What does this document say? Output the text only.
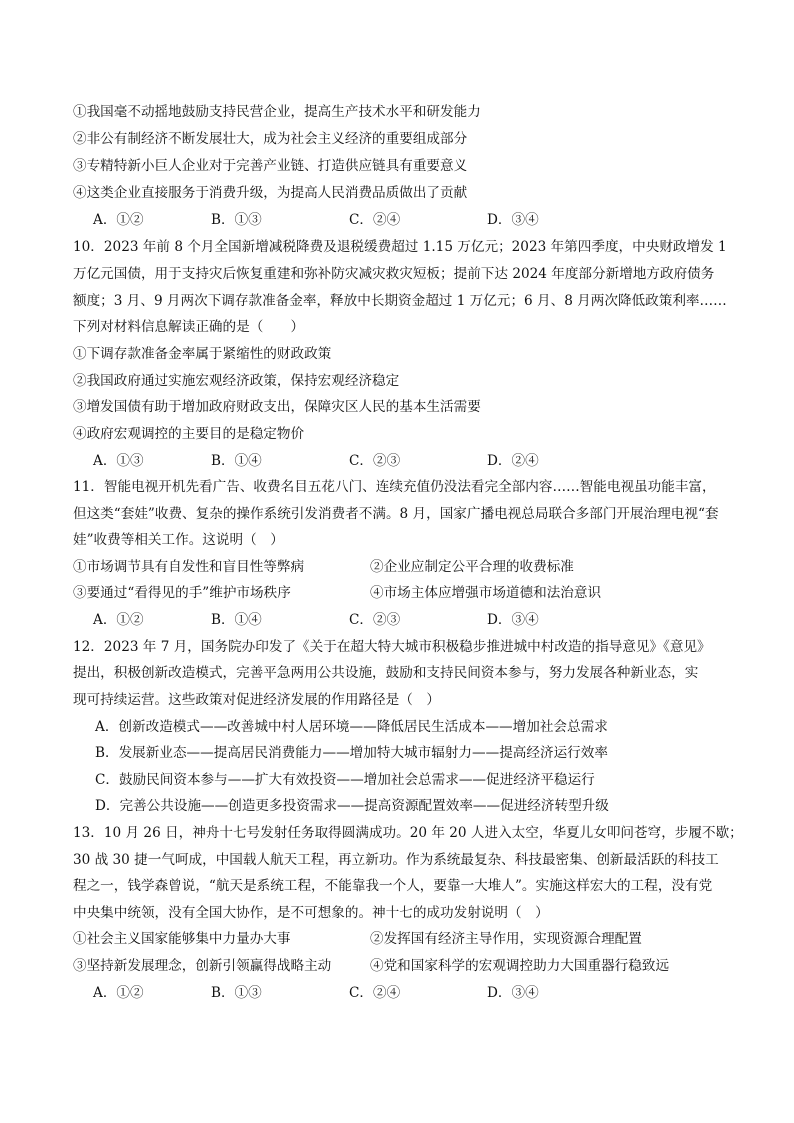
①我国毫不动摇地鼓励支持民营企业，提高生产技术水平和研发能力
②非公有制经济不断发展壮大，成为社会主义经济的重要组成部分
③专精特新小巨人企业对于完善产业链、打造供应链具有重要意义
④这类企业直接服务于消费升级，为提高人民消费品质做出了贡献
A．①②	B．①③	C．②④	D．③④
10．2023 年前 8 个月全国新增减税降费及退税缓费超过 1.15 万亿元；2023 年第四季度，中央财政增发 1
万亿元国债，用于支持灾后恢复重建和弥补防灾减灾救灾短板；提前下达 2024 年度部分新增地方政府债务
额度；3 月、9 月两次下调存款准备金率，释放中长期资金超过 1 万亿元；6 月、8 月两次降低政策利率……
下列对材料信息解读正确的是（　　）
①下调存款准备金率属于紧缩性的财政政策
②我国政府通过实施宏观经济政策，保持宏观经济稳定
③增发国债有助于增加政府财政支出，保障灾区人民的基本生活需要
④政府宏观调控的主要目的是稳定物价
A．①③	B．①④	C．②③	D．②④
11．智能电视开机先看广告、收费名目五花八门、连续充值仍没法看完全部内容……智能电视虽功能丰富，
但这类“套娃”收费、复杂的操作系统引发消费者不满。8 月，国家广播电视总局联合多部门开展治理电视“套
娃”收费等相关工作。这说明（　）
①市场调节具有自发性和盲目性等弊病	②企业应制定公平合理的收费标准
③要通过“看得见的手”维护市场秩序	④市场主体应增强市场道德和法治意识
A．①②	B．①④	C．②③	D．③④
12．2023 年 7 月，国务院办印发了《关于在超大特大城市积极稳步推进城中村改造的指导意见》《意见》
提出，积极创新改造模式，完善平急两用公共设施，鼓励和支持民间资本参与，努力发展各种新业态，实
现可持续运营。这些政策对促进经济发展的作用路径是（　）
A．创新改造模式——改善城中村人居环境——降低居民生活成本——增加社会总需求
B．发展新业态——提高居民消费能力——增加特大城市辐射力——提高经济运行效率
C．鼓励民间资本参与——扩大有效投资——增加社会总需求——促进经济平稳运行
D．完善公共设施——创造更多投资需求——提高资源配置效率——促进经济转型升级
13．10 月 26 日，神舟十七号发射任务取得圆满成功。20 年 20 人进入太空，华夏儿女叩问苍穹，步履不歇；
30 战 30 捷一气呵成，中国载人航天工程，再立新功。作为系统最复杂、科技最密集、创新最活跃的科技工
程之一，钱学森曾说，“航天是系统工程，不能靠我一个人，要靠一大堆人”。实施这样宏大的工程，没有党
中央集中统领，没有全国大协作，是不可想象的。神十七的成功发射说明（　）
①社会主义国家能够集中力量办大事	②发挥国有经济主导作用，实现资源合理配置
③坚持新发展理念，创新引领赢得战略主动	④党和国家科学的宏观调控助力大国重器行稳致远
A．①②	B．①③	C．②④	D．③④
